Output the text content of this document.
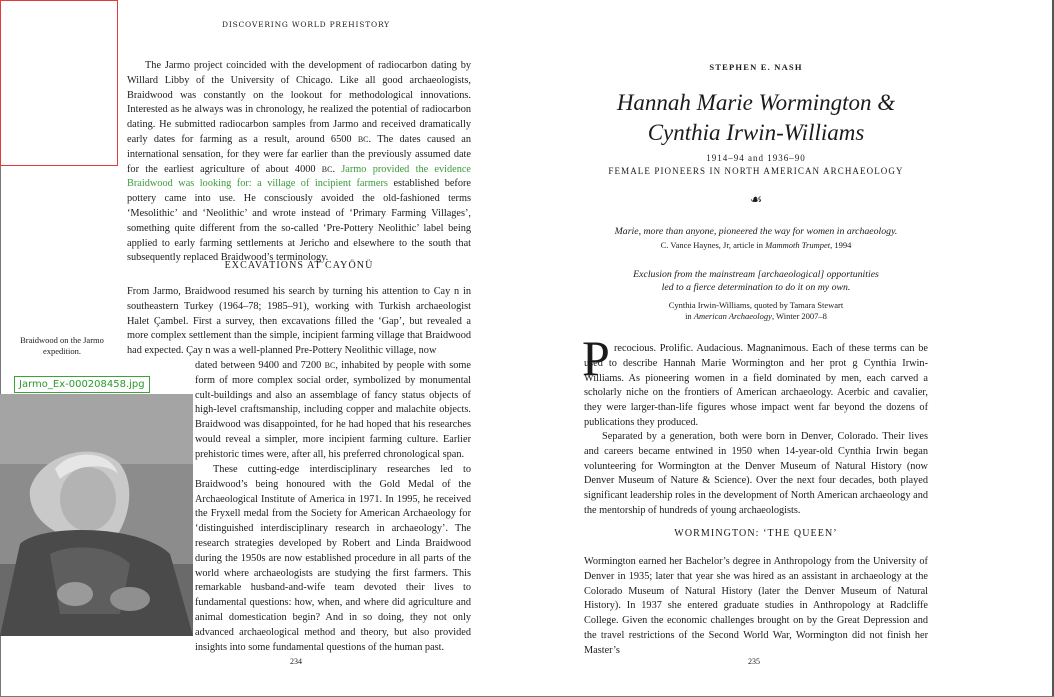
DISCOVERING WORLD PREHISTORY

The Jarmo project coincided with the development of radiocarbon dating by Willard Libby of the University of Chicago. Like all good archaeologists, Braidwood was constantly on the lookout for methodological innovations. Interested as he always was in chronology, he realized the potential of radiocarbon dating. He submitted radiocarbon samples from Jarmo and received dramatically early dates for farming as a result, around 6500 BC. The dates caused an international sensation, for they were far earlier than the previously assumed date for the earliest agriculture of about 4000 BC. Jarmo provided the evidence Braidwood was looking for: a village of incipient farmers established before pottery came into use. He consciously avoided the old-fashioned terms ‘Mesolithic’ and ‘Neolithic’ and wrote instead of ‘Primary Farming Villages’, something quite different from the so-called ‘Pre-Pottery Neolithic’ label being applied to early farming settlements at Jericho and elsewhere to the south that subsequently replaced Braidwood’s terminology.

EXCAVATIONS AT CAYÖNÜ

From Jarmo, Braidwood resumed his search by turning his attention to Cay n in southeastern Turkey (1964–78; 1985–91), working with Turkish archaeologist Halet Çambel. First a survey, then excavations filled the ‘Gap’, but revealed a more complex settlement than the simple, incipient farming village that Braidwood had expected. Çay n was a well-planned Pre-Pottery Neolithic village, now

dated between 9400 and 7200 BC, inhabited by people with some form of more complex social order, symbolized by monumental cult-buildings and also an assemblage of fancy status objects of high-level craftsmanship, including copper and malachite objects. Braidwood was disappointed, for he had hoped that his researches would reveal a simpler, more incipient farming culture. Earlier prehistoric times were, after all, his preferred chronological span.

These cutting-edge interdisciplinary researches led to Braidwood’s being honoured with the Gold Medal of the Archaeological Institute of America in 1971. In 1995, he received the Fryxell medal from the Society for American Archaeology for ‘distinguished interdisciplinary research in archaeology’. The research strategies developed by Robert and Linda Braidwood during the 1950s are now established procedure in all parts of the world where archaeologists are studying the first farmers. This remarkable husband-and-wife team devoted their lives to fundamental questions: how, when, and where did agriculture and animal domestication begin? And in so doing, they not only advanced archaeological method and theory, but also provided insights into some fundamental questions of the human past.

Braidwood on the Jarmo expedition.
Jarmo_Ex-000208458.jpg
234
STEPHEN E. NASH
Hannah Marie Wormington &
Cynthia Irwin-Williams
1914–94 and 1936–90
FEMALE PIONEERS IN NORTH AMERICAN ARCHAEOLOGY
☙
Marie, more than anyone, pioneered the way for women in archaeology.
C. Vance Haynes, Jr, article in Mammoth Trumpet, 1994
Exclusion from the mainstream [archaeological] opportunities
led to a fierce determination to do it on my own.
Cynthia Irwin-Williams, quoted by Tamara Stewart
in American Archaeology, Winter 2007–8
P recocious. Prolific. Audacious. Magnanimous. Each of these terms can be used to describe Hannah Marie Wormington and her prot g Cynthia Irwin-Williams. As pioneering women in a field dominated by men, each carved a scholarly niche on the frontiers of American archaeology. Acerbic and cavalier, they were larger-than-life figures whose impact went far beyond the dozens of publications they produced.

Separated by a generation, both were born in Denver, Colorado. Their lives and careers became entwined in 1950 when 14-year-old Cynthia Irwin began volunteering for Wormington at the Denver Museum of Natural History (now Denver Museum of Nature & Science). Over the next four decades, both played significant leadership roles in the development of North American archaeology and the mentorship of hundreds of young archaeologists.

WORMINGTON: ‘THE QUEEN’

Wormington earned her Bachelor’s degree in Anthropology from the University of Denver in 1935; later that year she was hired as an assistant in archaeology at the Colorado Museum of Natural History (later the Denver Museum of Natural History). In 1937 she entered graduate studies in Anthropology at Radcliffe College. Given the economic challenges brought on by the Great Depression and the travel restrictions of the Second World War, Wormington did not finish her Master’s

235
